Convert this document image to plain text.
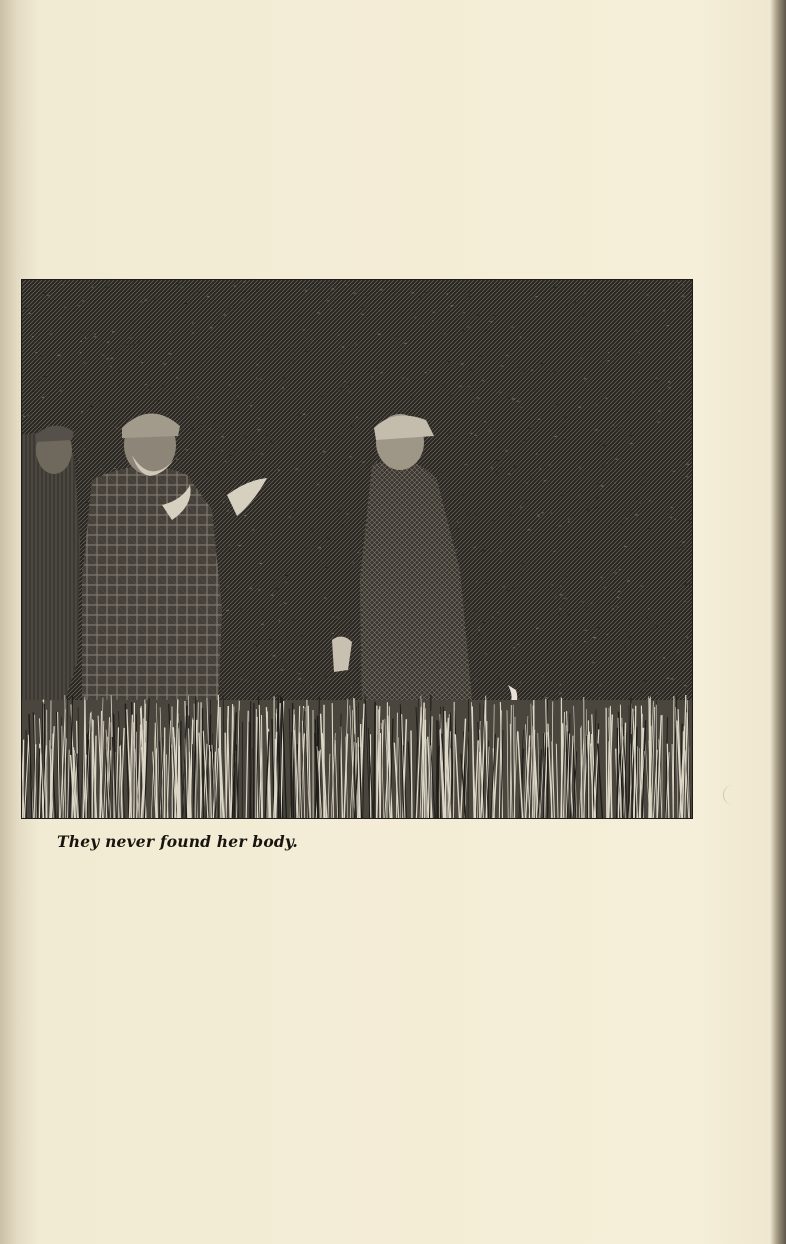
They never found her body.
